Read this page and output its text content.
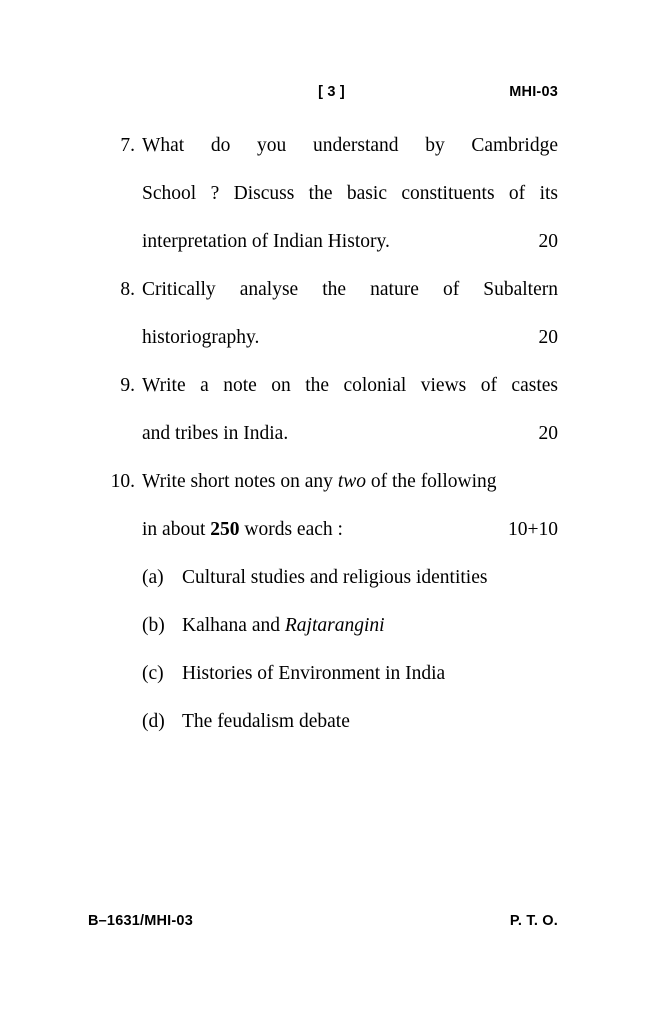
[ 3 ]	MHI-03
7. What do you understand by Cambridge
School ? Discuss the basic constituents of its
20
interpretation of Indian History.
8. Critically analyse the nature of Subaltern
20
historiography.
9. Write a note on the colonial views of castes
20
and tribes in India.
10. Write short notes on any two of the following
10+10
in about 250 words each :
(a) Cultural studies and religious identities
(b) Kalhana and Rajtarangini
(c) Histories of Environment in India
(d) The feudalism debate
B–1631/MHI-03	P. T. O.
